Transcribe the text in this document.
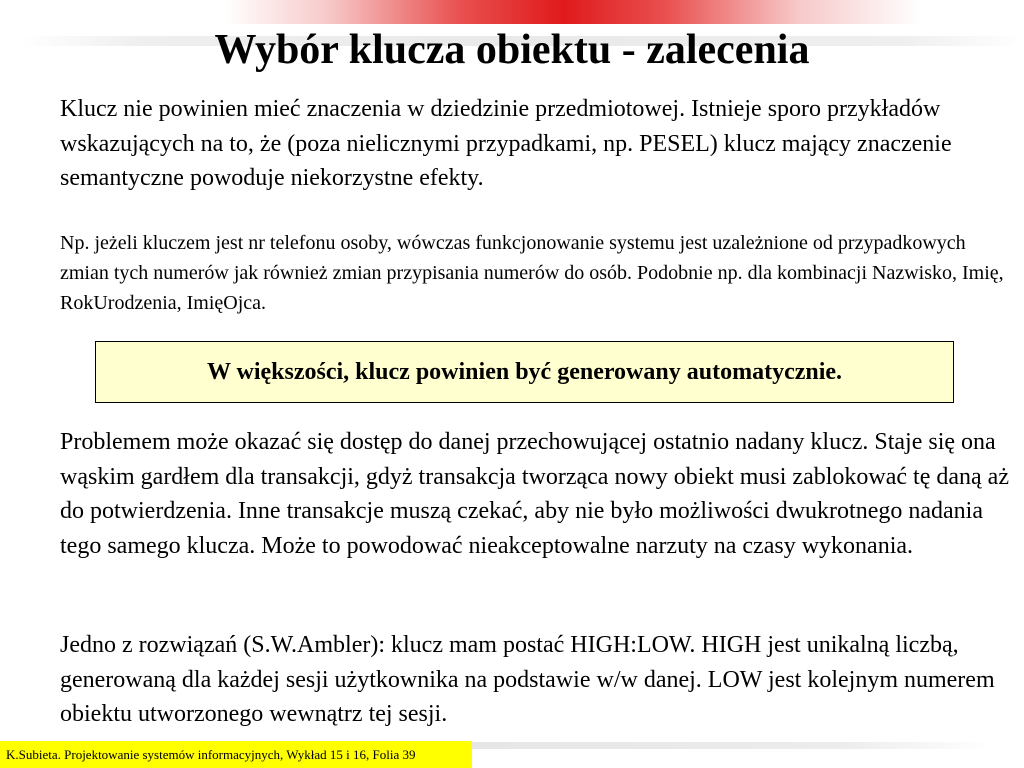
Wybór klucza obiektu - zalecenia

Klucz nie powinien mieć znaczenia w dziedzinie przedmiotowej. Istnieje sporo przykładów wskazujących na to, że (poza nielicznymi przypadkami, np. PESEL) klucz mający znaczenie semantyczne powoduje niekorzystne efekty.

Np. jeżeli kluczem jest nr telefonu osoby, wówczas funkcjonowanie systemu jest uzależnione od przypadkowych zmian tych numerów jak również zmian przypisania numerów do osób. Podobnie np. dla kombinacji Nazwisko, Imię, RokUrodzenia, ImięOjca.

W większości, klucz powinien być generowany automatycznie.

Problemem może okazać się dostęp do danej przechowującej ostatnio nadany klucz. Staje się ona wąskim gardłem dla transakcji, gdyż transakcja tworząca nowy obiekt musi zablokować tę daną aż do potwierdzenia. Inne transakcje muszą czekać, aby nie było możliwości dwukrotnego nadania tego samego klucza. Może to powodować nieakceptowalne narzuty na czasy wykonania.

Jedno z rozwiązań (S.W.Ambler): klucz mam postać HIGH:LOW. HIGH jest unikalną liczbą, generowaną dla każdej sesji użytkownika na podstawie w/w danej. LOW jest kolejnym numerem obiektu utworzonego wewnątrz tej sesji.

K.Subieta. Projektowanie systemów informacyjnych, Wykład 15 i 16, Folia 39
